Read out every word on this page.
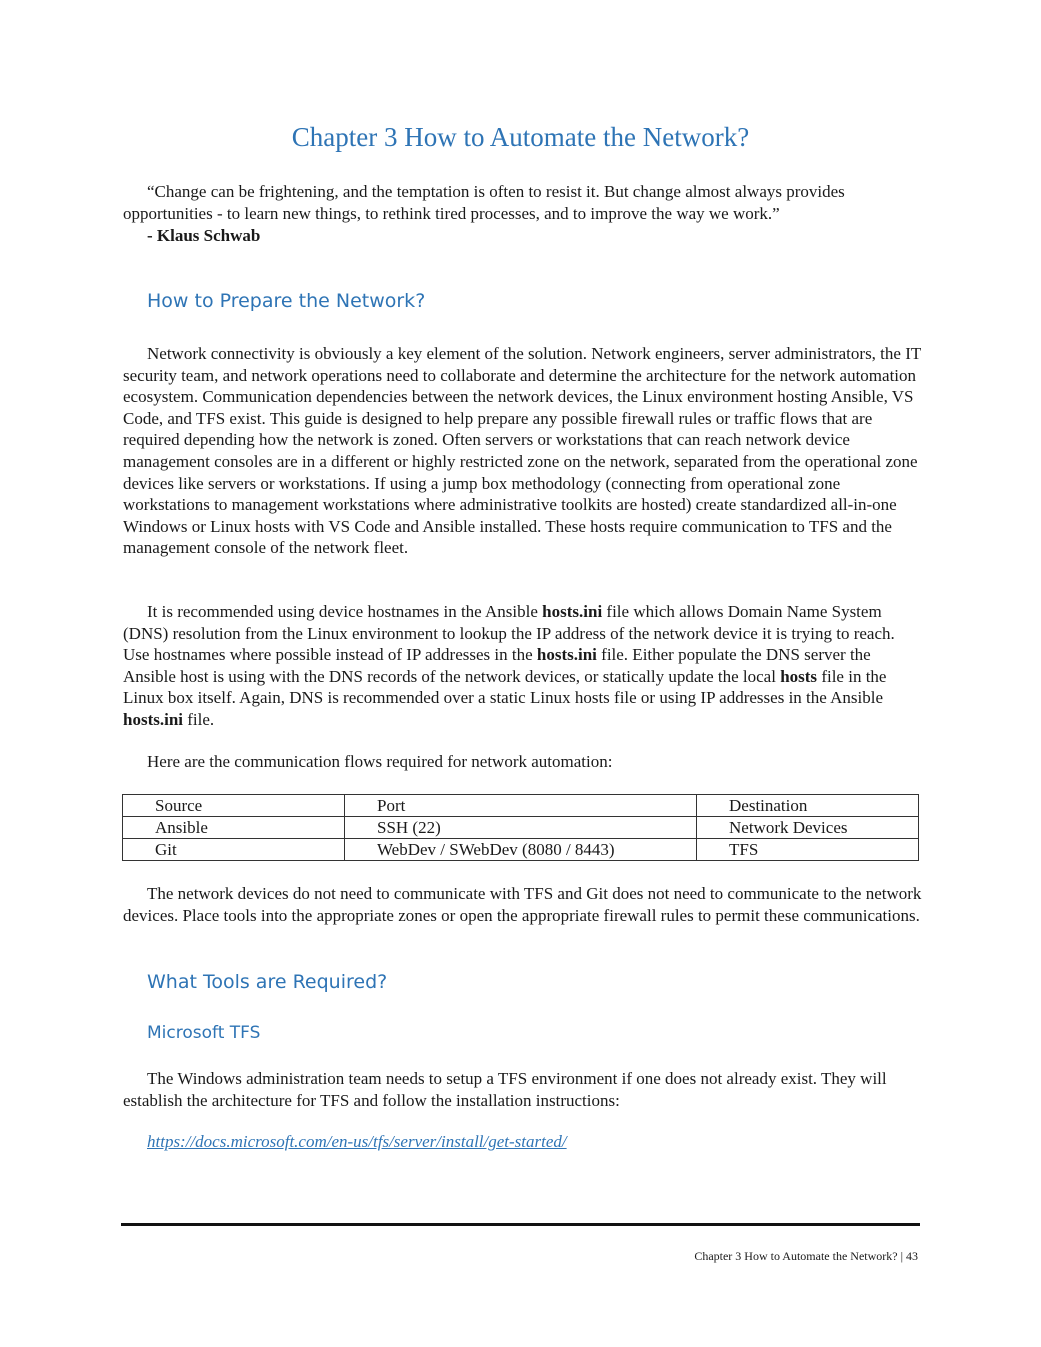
Chapter 3 How to Automate the Network?

“Change can be frightening, and the temptation is often to resist it. But change almost always provides opportunities - to learn new things, to rethink tired processes, and to improve the way we work.”

- Klaus Schwab

How to Prepare the Network?

Network connectivity is obviously a key element of the solution. Network engineers, server administrators, the IT security team, and network operations need to collaborate and determine the architecture for the network automation ecosystem. Communication dependencies between the network devices, the Linux environment hosting Ansible, VS Code, and TFS exist. This guide is designed to help prepare any possible firewall rules or traffic flows that are required depending how the network is zoned. Often servers or workstations that can reach network device management consoles are in a different or highly restricted zone on the network, separated from the operational zone devices like servers or workstations. If using a jump box methodology (connecting from operational zone workstations to management workstations where administrative toolkits are hosted) create standardized all-in-one Windows or Linux hosts with VS Code and Ansible installed. These hosts require communication to TFS and the management console of the network fleet.

It is recommended using device hostnames in the Ansible hosts.ini file which allows Domain Name System (DNS) resolution from the Linux environment to lookup the IP address of the network device it is trying to reach. Use hostnames where possible instead of IP addresses in the hosts.ini file. Either populate the DNS server the Ansible host is using with the DNS records of the network devices, or statically update the local hosts file in the Linux box itself. Again, DNS is recommended over a static Linux hosts file or using IP addresses in the Ansible hosts.ini file.

Here are the communication flows required for network automation:

Source	Port	Destination
Ansible	SSH (22)	Network Devices
Git	WebDev / SWebDev (8080 / 8443)	TFS

The network devices do not need to communicate with TFS and Git does not need to communicate to the network devices. Place tools into the appropriate zones or open the appropriate firewall rules to permit these communications.

What Tools are Required?
Microsoft TFS

The Windows administration team needs to setup a TFS environment if one does not already exist. They will establish the architecture for TFS and follow the installation instructions:

https://docs.microsoft.com/en-us/tfs/server/install/get-started/
Chapter 3 How to Automate the Network? | 43
